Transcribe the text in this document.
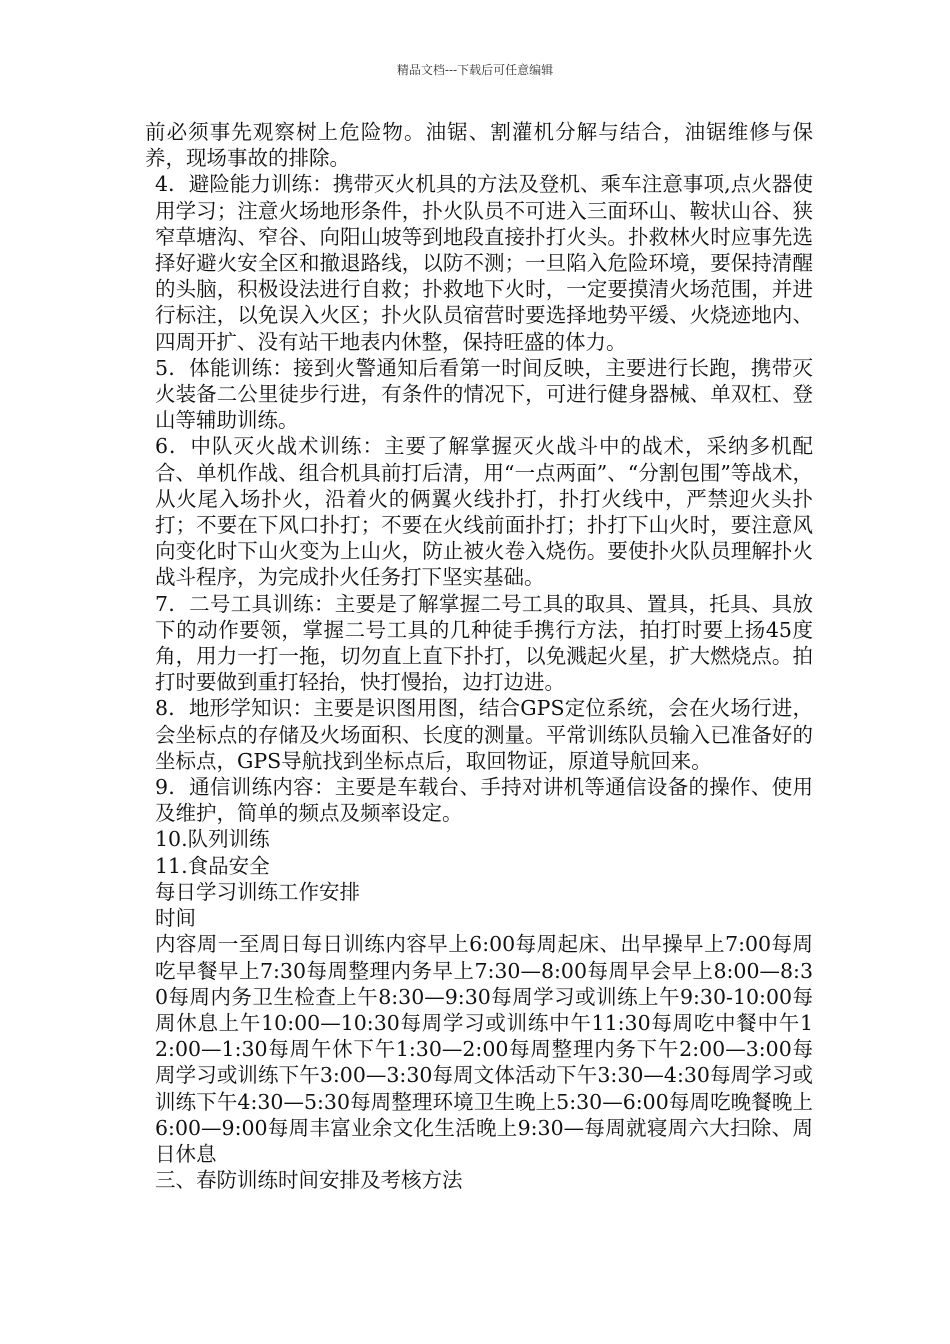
精品文档---下载后可任意编辑

前必须事先观察树上危险物。油锯、割灌机分解与结合，油锯维修与保养，现场事故的排除。

4．避险能力训练：携带灭火机具的方法及登机、乘车注意事项,点火器使用学习；注意火场地形条件，扑火队员不可进入三面环山、鞍状山谷、狭窄草塘沟、窄谷、向阳山坡等到地段直接扑打火头。扑救林火时应事先选择好避火安全区和撤退路线，以防不测；一旦陷入危险环境，要保持清醒的头脑，积极设法进行自救；扑救地下火时，一定要摸清火场范围，并进行标注，以免误入火区；扑火队员宿营时要选择地势平缓、火烧迹地内、四周开扩、没有站干地表内休整，保持旺盛的体力。

5．体能训练：接到火警通知后看第一时间反映，主要进行长跑，携带灭火装备二公里徒步行进，有条件的情况下，可进行健身器械、单双杠、登山等辅助训练。

6．中队灭火战术训练：主要了解掌握灭火战斗中的战术，采纳多机配合、单机作战、组合机具前打后清，用“一点两面”、“分割包围”等战术，从火尾入场扑火，沿着火的俩翼火线扑打，扑打火线中，严禁迎火头扑打；不要在下风口扑打；不要在火线前面扑打；扑打下山火时，要注意风向变化时下山火变为上山火，防止被火卷入烧伤。要使扑火队员理解扑火战斗程序，为完成扑火任务打下坚实基础。

7．二号工具训练：主要是了解掌握二号工具的取具、置具，托具、具放下的动作要领，掌握二号工具的几种徒手携行方法，拍打时要上扬45度角，用力一打一拖，切勿直上直下扑打，以免溅起火星，扩大燃烧点。拍打时要做到重打轻抬，快打慢抬，边打边进。

8．地形学知识：主要是识图用图，结合GPS定位系统，会在火场行进，会坐标点的存储及火场面积、长度的测量。平常训练队员输入已准备好的坐标点，GPS导航找到坐标点后，取回物证，原道导航回来。

9．通信训练内容：主要是车载台、手持对讲机等通信设备的操作、使用及维护，简单的频点及频率设定。

10.队列训练

11.食品安全

每日学习训练工作安排

时间

内容周一至周日每日训练内容早上6:00每周起床、出早操早上7:00每周吃早餐早上7:30每周整理内务早上7:30—8:00每周早会早上8:00—8:30每周内务卫生检查上午8:30—9:30每周学习或训练上午9:30-10:00每周休息上午10:00—10:30每周学习或训练中午11:30每周吃中餐中午12:00—1:30每周午休下午1:30—2:00每周整理内务下午2:00—3:00每周学习或训练下午3:00—3:30每周文体活动下午3:30—4:30每周学习或训练下午4:30—5:30每周整理环境卫生晚上5:30—6:00每周吃晚餐晚上6:00—9:00每周丰富业余文化生活晚上9:30—每周就寝周六大扫除、周日休息

三、春防训练时间安排及考核方法
